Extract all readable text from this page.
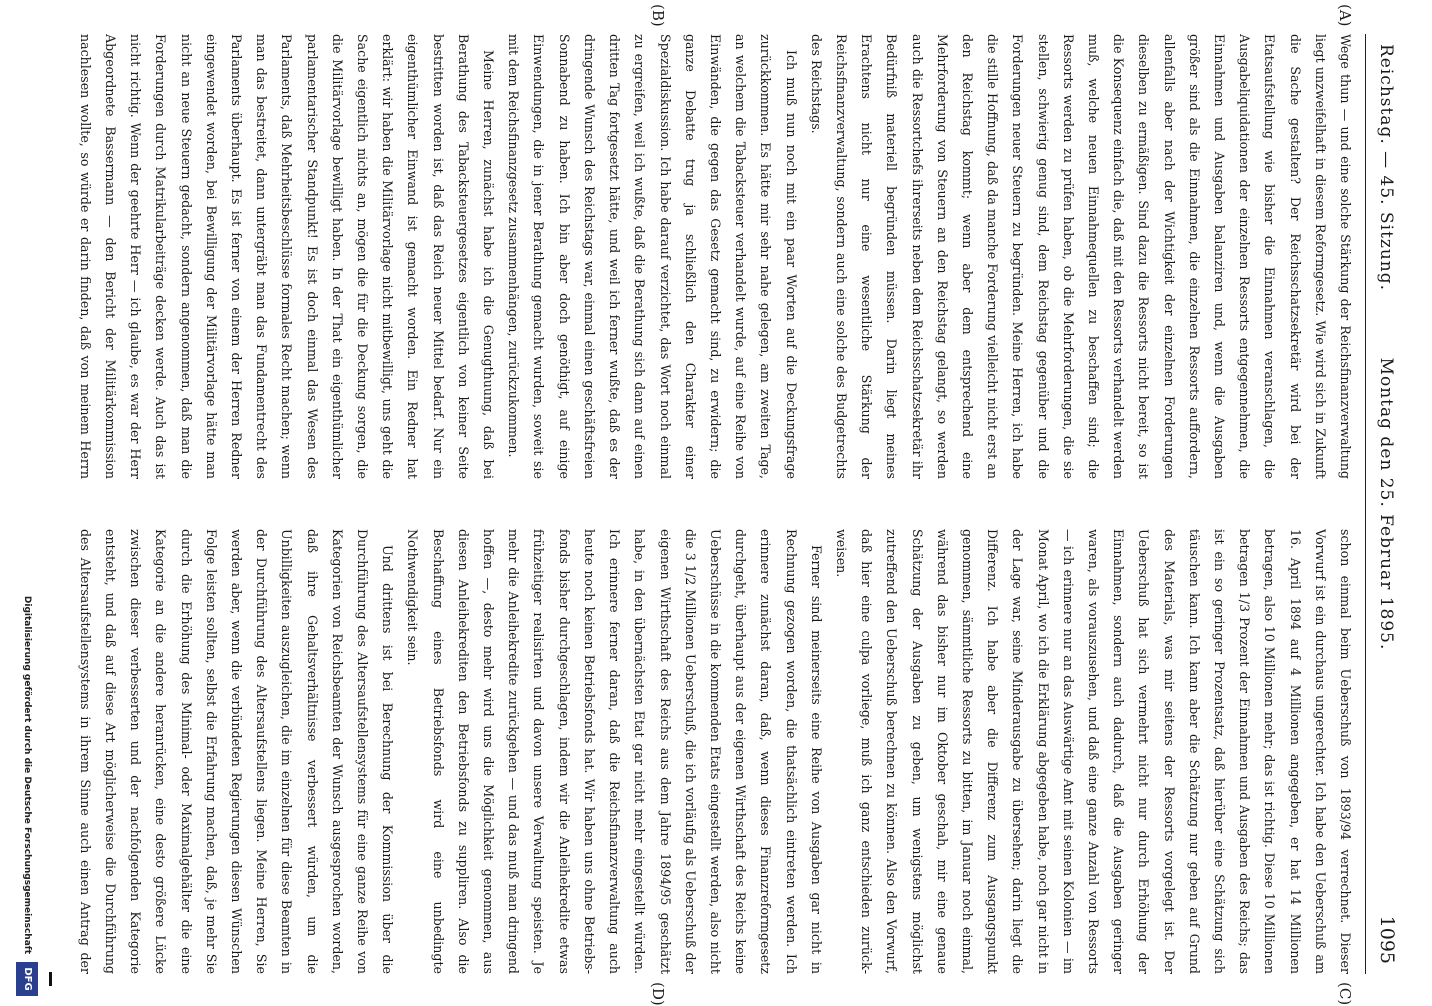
Reichstag. — 45. Sitzung.
Montag den 25. Februar 1895.
1095
(A)
(B)
(C)
(D)

Wege thun — und eine solche Stärkung der Reichsfinanzverwaltung liegt unzweifelhaft in diesem Reformgesetz. Wie wird sich in Zukunft die Sache gestalten? Der Reichsschatzsekretär wird bei der Etatsaufstellung wie bisher die Einnahmen veranschlagen, die Ausgabeliquidationen der einzelnen Ressorts entgegennehmen, die Einnahmen und Ausgaben balanziren und, wenn die Ausgaben größer sind als die Einnahmen, die einzelnen Ressorts auffordern, allenfalls aber nach der Wichtigkeit der einzelnen Forderungen dieselben zu ermäßigen. Sind dazu die Ressorts nicht bereit, so ist die Konsequenz einfach die, daß mit den Ressorts verhandelt werden muß, welche neuen Einnahmequellen zu beschaffen sind; die Ressorts werden zu prüfen haben, ob die Mehrforderungen, die sie stellen, schwierig genug sind, dem Reichstag gegenüber und die Forderungen neuer Steuern zu begründen. Meine Herren, ich habe die stille Hoffnung, daß da manche Forderung vielleicht nicht erst an den Reichstag kommt; wenn aber dem entsprechend eine Mehrforderung von Steuern an den Reichstag gelangt, so werden auch die Ressortchefs ihrerseits neben dem Reichsschatzsekretär ihr Bedürfniß materiell begründen müssen. Darin liegt meines Erachtens nicht nur eine wesentliche Stärkung der Reichsfinanzverwaltung, sondern auch eine solche des Budgetrechts des Reichstags.

Ich muß nun noch mit ein paar Worten auf die Deckungsfrage zurückkommen. Es hätte mir sehr nahe gelegen, am zweiten Tage, an welchem die Tabacksteuer verhandelt wurde, auf eine Reihe von Einwänden, die gegen das Gesetz gemacht sind, zu erwidern; die ganze Debatte trug ja schließlich den Charakter einer Spezialdiskussion. Ich habe darauf verzichtet, das Wort noch einmal zu ergreifen, weil ich wußte, daß die Berathung sich dann auf einen dritten Tag fortgesetzt hätte, und weil ich ferner wußte, daß es der dringende Wunsch des Reichstags war, einmal einen geschäftsfreien Sonnabend zu haben. Ich bin aber doch genöthigt, auf einige Einwendungen, die in jener Berathung gemacht wurden, soweit sie mit dem Reichsfinanzgesetz zusammenhängen, zurückzukommen.

Meine Herren, zunächst habe ich die Genugthuung, daß bei Berathung des Tabacksteuergesetzes eigentlich von keiner Seite bestritten worden ist, daß das Reich neuer Mittel bedarf. Nur ein eigenthümlicher Einwand ist gemacht worden. Ein Redner hat erklärt: wir haben die Militärvorlage nicht mitbewilligt, uns geht die Sache eigentlich nichts an, mögen die für die Deckung sorgen, die die Militärvorlage bewilligt haben. In der That ein eigenthümlicher parlamentarischer Standpunkt! Es ist doch einmal das Wesen des Parlaments, daß Mehrheitsbeschlüsse formales Recht machen; wenn man das bestreitet, dann untergräbt man das Fundamentrecht des Parlaments überhaupt. Es ist ferner von einem der Herren Redner eingewendet worden, bei Bewilligung der Militärvorlage hätte man nicht an neue Steuern gedacht, sondern angenommen, daß man die Forderungen durch Matrikularbeiträge decken werde. Auch das ist nicht richtig. Wenn der geehrte Herr — ich glaube, es war der Herr Abgeordnete Bassermann — den Bericht der Militärkommission nachlesen wollte, so würde er darin finden, daß von meinem Herrn

schon einmal beim Ueberschuß von 1893/94 verrechnet. Dieser Vorwurf ist ein durchaus ungerechter. Ich habe den Ueberschuß am 16. April 1894 auf 4 Millionen angegeben, er hat 14 Millionen betragen, also 10 Millionen mehr; das ist richtig. Diese 10 Millionen betragen 1/3 Prozent der Einnahmen und Ausgaben des Reichs; das ist ein so geringer Prozentsatz, daß hierüber eine Schätzung sich täuschen kann. Ich kann aber die Schätzung nur geben auf Grund des Materials, was mir seitens der Ressorts vorgelegt ist. Der Ueberschuß hat sich vermehrt nicht nur durch Erhöhung der Einnahmen, sondern auch dadurch, daß die Ausgaben geringer waren, als vorauszusehen, und daß eine ganze Anzahl von Ressorts — ich erinnere nur an das Auswärtige Amt mit seinen Kolonien — im Monat April, wo ich die Erklärung abgegeben habe, noch gar nicht in der Lage war, seine Minderausgabe zu übersehen; darin liegt die Differenz. Ich habe aber die Differenz zum Ausgangspunkt genommen, sämmtliche Ressorts zu bitten, im Januar noch einmal, während das bisher nur im Oktober geschah, mir eine genaue Schätzung der Ausgaben zu geben, um wenigstens möglichst zutreffend den Ueberschuß berechnen zu können. Also den Vorwurf, daß hier eine culpa vorliege, muß ich ganz entschieden zurückweisen.

Ferner sind meinerseits eine Reihe von Ausgaben gar nicht in Rechnung gezogen worden, die thatsächlich eintreten werden. Ich erinnere zunächst daran, daß, wenn dieses Finanzreformgesetz durchgeht, überhaupt aus der eigenen Wirthschaft des Reichs keine Ueberschüsse in die kommenden Etats eingestellt werden, also nicht die 3 1/2 Millionen Ueberschuß, die ich vorläufig als Ueberschuß der eigenen Wirthschaft des Reichs aus dem Jahre 1894/95 geschätzt habe, in den übernächsten Etat gar nicht mehr eingestellt würden. Ich erinnere ferner daran, daß die Reichsfinanzverwaltung auch heute noch keinen Betriebsfonds hat. Wir haben uns ohne Betriebsfonds bisher durchgeschlagen, indem wir die Anleihekredite etwas frühzeitiger realisirten und davon unsere Verwaltung speisten. Je mehr die Anleihekredite zurückgehen — und das muß man dringend hoffen —, desto mehr wird uns die Möglichkeit genommen, aus diesen Anleihekrediten den Betriebsfonds zu suppliren. Also die Beschaffung eines Betriebsfonds wird eine unbedingte Nothwendigkeit sein.

Und drittens ist bei Berechnung der Kommission über die Durchführung des Altersaufstellensystems für eine ganze Reihe von Kategorien von Reichsbeamten der Wunsch ausgesprochen worden, daß ihre Gehaltsverhältnisse verbessert würden, um die Unbilligkeiten auszugleichen, die im einzelnen für diese Beamten in der Durchführung des Altersaufstellens liegen. Meine Herren, Sie werden aber, wenn die verbündeten Regierungen diesen Wünschen Folge leisten sollten, selbst die Erfahrung machen, daß, je mehr Sie durch die Erhöhung des Minimal- oder Maximalgehälter die eine Kategorie an die andere heranrücken, eine desto größere Lücke zwischen dieser verbesserten und der nachfolgenden Kategorie entsteht, und daß auf diese Art möglicherweise die Durchführung des Altersaufstellensystems in ihrem Sinne auch einen Antrag der

Digitalisierung gefördert durch die Deutsche Forschungsgemeinschaft
DFG
